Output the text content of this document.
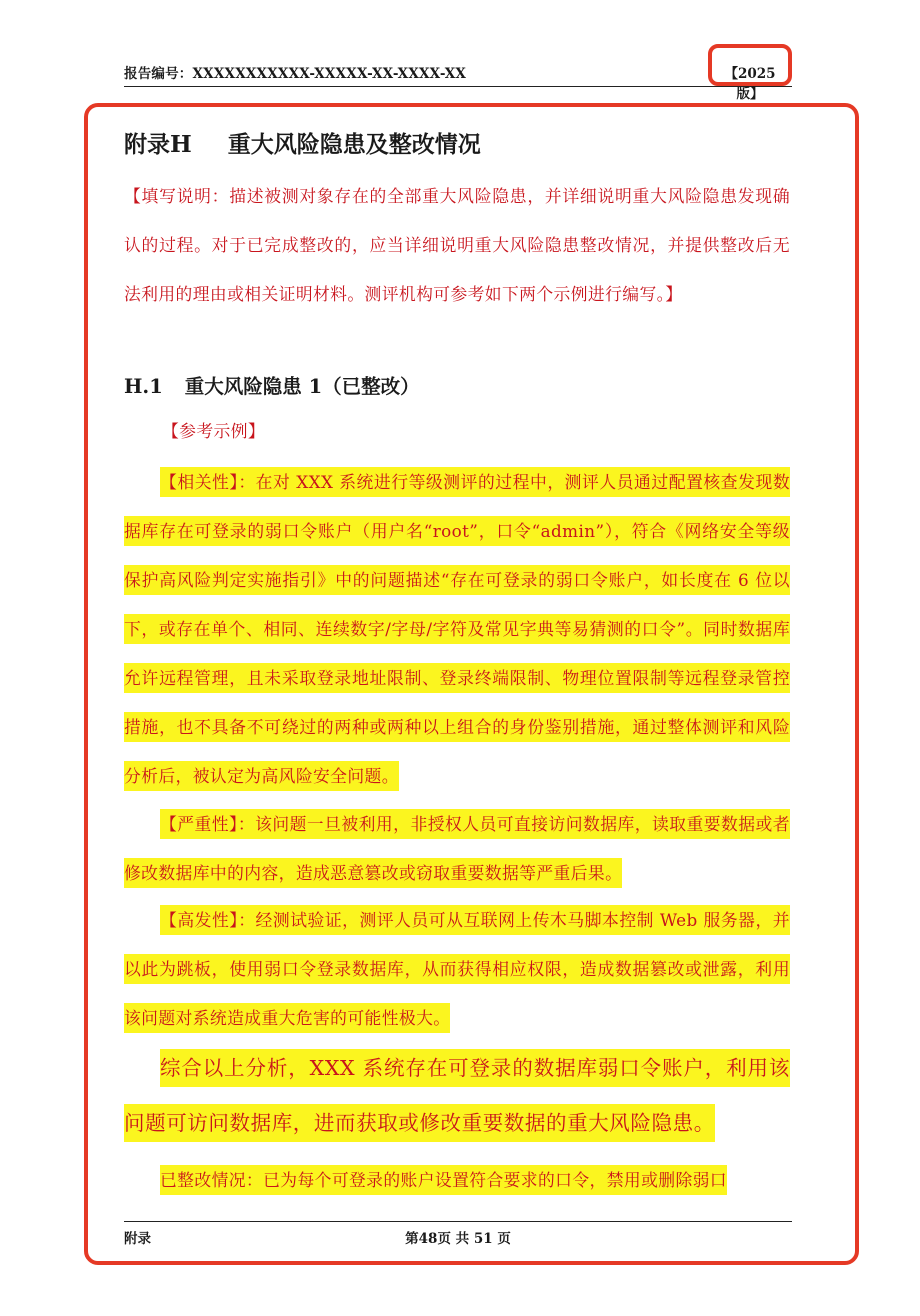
报告编号：XXXXXXXXXXX-XXXXX-XX-XXXX-XX	【2025 版】
附录H 重大风险隐患及整改情况
【填写说明：描述被测对象存在的全部重大风险隐患，并详细说明重大风险隐患发现确认的过程。对于已完成整改的，应当详细说明重大风险隐患整改情况，并提供整改后无法利用的理由或相关证明材料。测评机构可参考如下两个示例进行编写。】
H.1 重大风险隐患 1（已整改）
【参考示例】
【相关性】：在对 XXX 系统进行等级测评的过程中，测评人员通过配置核查发现数据库存在可登录的弱口令账户（用户名“root”，口令“admin”），符合《网络安全等级保护高风险判定实施指引》中的问题描述“存在可登录的弱口令账户，如长度在 6 位以下，或存在单个、相同、连续数字/字母/字符及常见字典等易猜测的口令”。同时数据库允许远程管理，且未采取登录地址限制、登录终端限制、物理位置限制等远程登录管控措施，也不具备不可绕过的两种或两种以上组合的身份鉴别措施，通过整体测评和风险分析后，被认定为高风险安全问题。
【严重性】：该问题一旦被利用，非授权人员可直接访问数据库，读取重要数据或者修改数据库中的内容，造成恶意篡改或窃取重要数据等严重后果。
【高发性】：经测试验证，测评人员可从互联网上传木马脚本控制 Web 服务器，并以此为跳板，使用弱口令登录数据库，从而获得相应权限，造成数据篡改或泄露，利用该问题对系统造成重大危害的可能性极大。
综合以上分析，XXX 系统存在可登录的数据库弱口令账户，利用该问题可访问数据库，进而获取或修改重要数据的重大风险隐患。
已整改情况：已为每个可登录的账户设置符合要求的口令，禁用或删除弱口
附录	第48页 共 51 页
